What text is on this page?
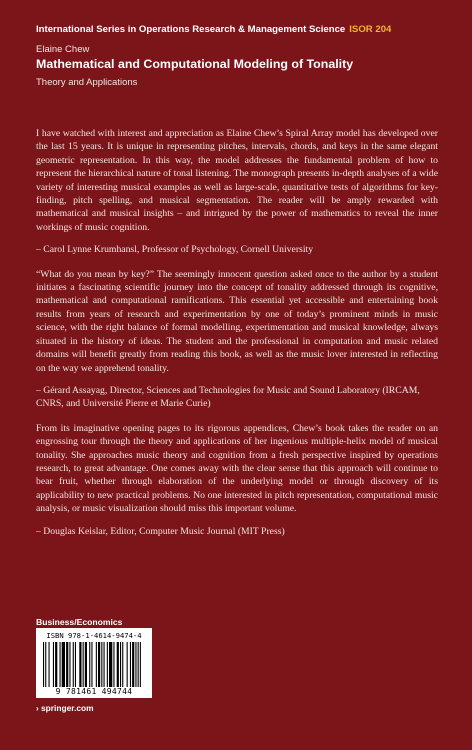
International Series in Operations Research & Management Science ISOR 204
Elaine Chew
Mathematical and Computational Modeling of Tonality
Theory and Applications

I have watched with interest and appreciation as Elaine Chew’s Spiral Array model has developed over the last 15 years. It is unique in representing pitches, intervals, chords, and keys in the same elegant geometric representation. In this way, the model addresses the fundamental problem of how to represent the hierarchical nature of tonal listening. The monograph presents in-depth analyses of a wide variety of interesting musical examples as well as large-scale, quantitative tests of algorithms for key-finding, pitch spelling, and musical segmentation. The reader will be amply rewarded with mathematical and musical insights – and intrigued by the power of mathematics to reveal the inner workings of music cognition.

– Carol Lynne Krumhansl, Professor of Psychology, Cornell University

“What do you mean by key?” The seemingly innocent question asked once to the author by a student initiates a fascinating scientific journey into the concept of tonality addressed through its cognitive, mathematical and computational ramifications. This essential yet accessible and entertaining book results from years of research and experimentation by one of today’s prominent minds in music science, with the right balance of formal modelling, experimentation and musical knowledge, always situated in the history of ideas. The student and the professional in computation and music related domains will benefit greatly from reading this book, as well as the music lover interested in reflecting on the way we apprehend tonality.

– Gérard Assayag, Director, Sciences and Technologies for Music and Sound Laboratory (IRCAM, CNRS, and Université Pierre et Marie Curie)

From its imaginative opening pages to its rigorous appendices, Chew’s book takes the reader on an engrossing tour through the theory and applications of her ingenious multiple-helix model of musical tonality. She approaches music theory and cognition from a fresh perspective inspired by operations research, to great advantage. One comes away with the clear sense that this approach will continue to bear fruit, whether through elaboration of the underlying model or through discovery of its applicability to new practical problems. No one interested in pitch representation, computational music analysis, or music visualization should miss this important volume.

– Douglas Keislar, Editor, Computer Music Journal (MIT Press)

Business/Economics
ISBN 978-1-4614-9474-4
9 781461 494744
› springer.com
